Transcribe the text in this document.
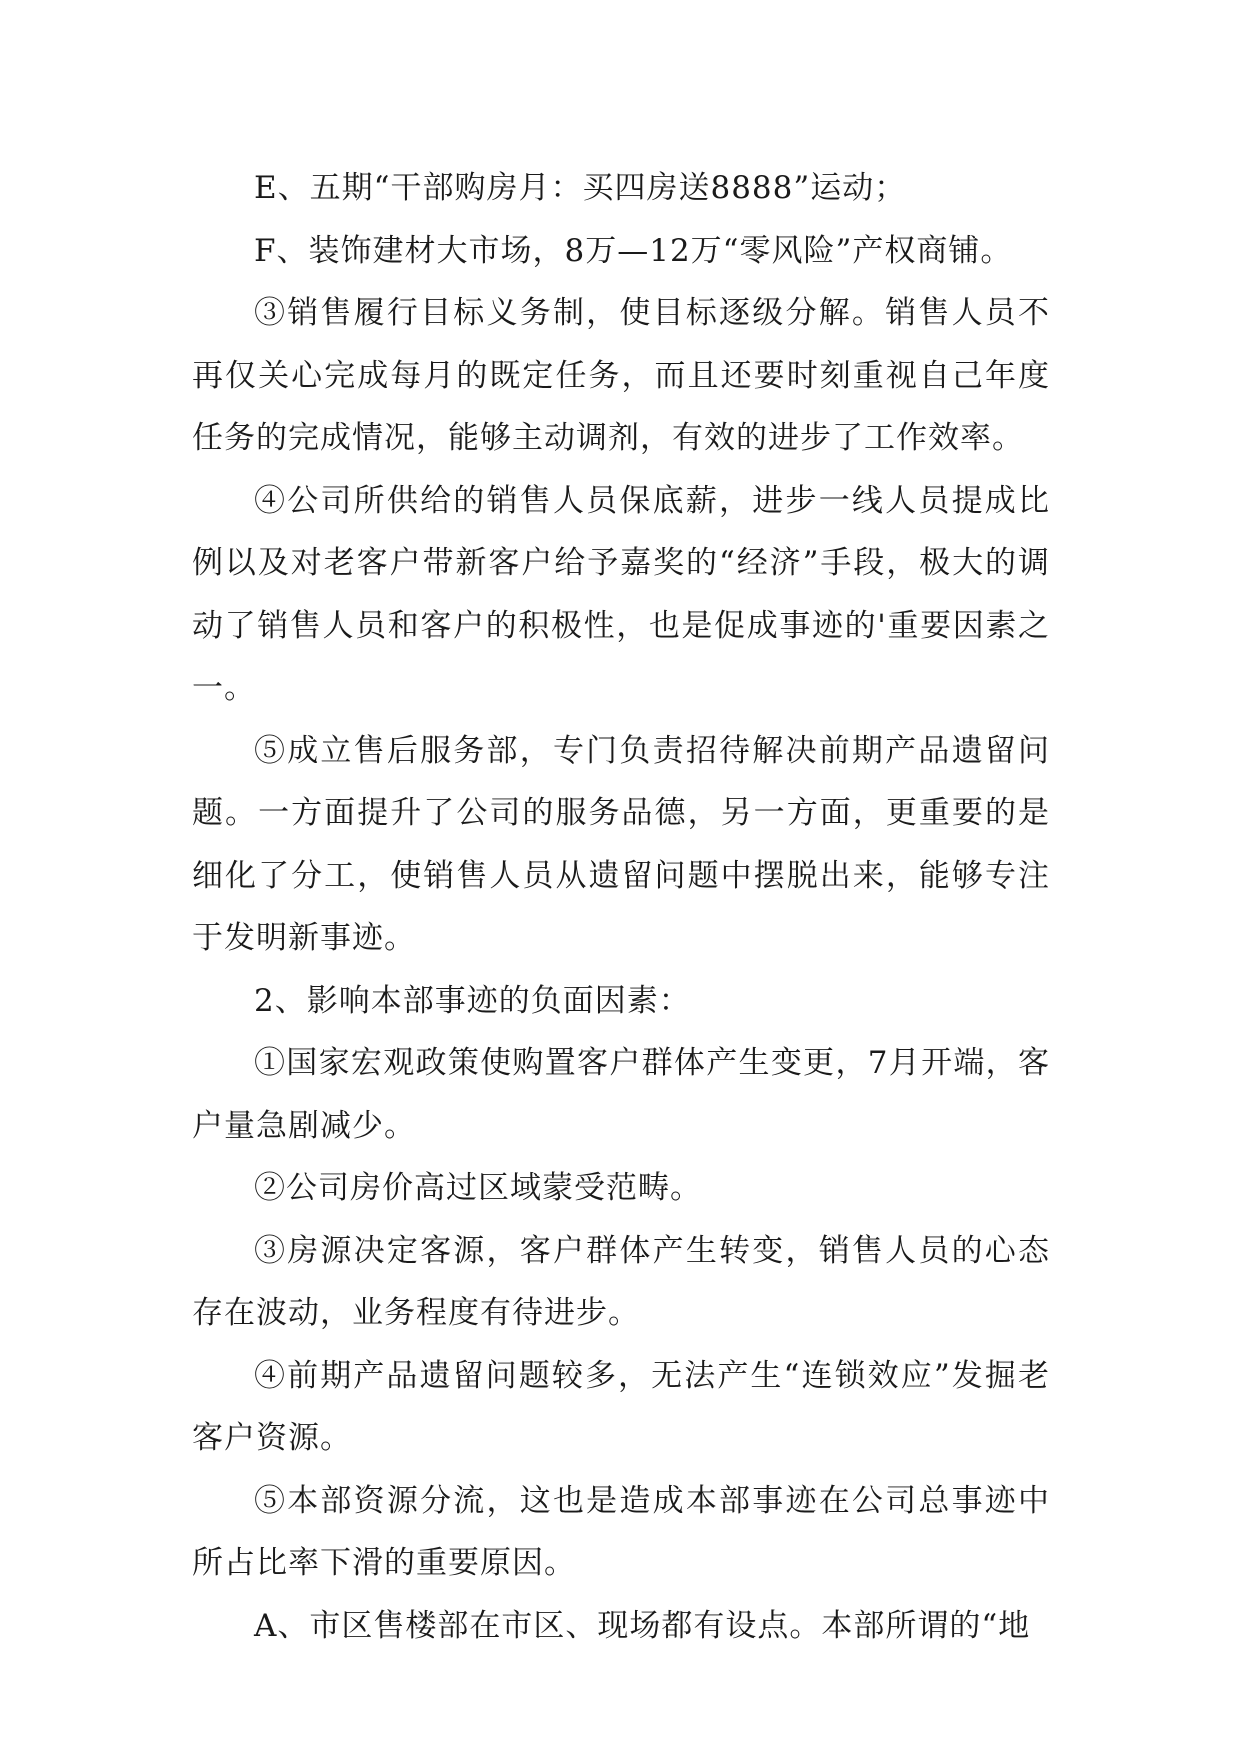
E、五期“干部购房月：买四房送8888”运动；

F、装饰建材大市场，8万—12万“零风险”产权商铺。

③销售履行目标义务制，使目标逐级分解。销售人员不再仅关心完成每月的既定任务，而且还要时刻重视自己年度任务的完成情况，能够主动调剂，有效的进步了工作效率。

④公司所供给的销售人员保底薪，进步一线人员提成比例以及对老客户带新客户给予嘉奖的“经济”手段，极大的调动了销售人员和客户的积极性，也是促成事迹的'重要因素之一。

⑤成立售后服务部，专门负责招待解决前期产品遗留问题。一方面提升了公司的服务品德，另一方面，更重要的是细化了分工，使销售人员从遗留问题中摆脱出来，能够专注于发明新事迹。

2、影响本部事迹的负面因素：

①国家宏观政策使购置客户群体产生变更，7月开端，客户量急剧减少。

②公司房价高过区域蒙受范畴。

③房源决定客源，客户群体产生转变，销售人员的心态存在波动，业务程度有待进步。

④前期产品遗留问题较多，无法产生“连锁效应”发掘老客户资源。

⑤本部资源分流，这也是造成本部事迹在公司总事迹中所占比率下滑的重要原因。

A、市区售楼部在市区、现场都有设点。本部所谓的“地
